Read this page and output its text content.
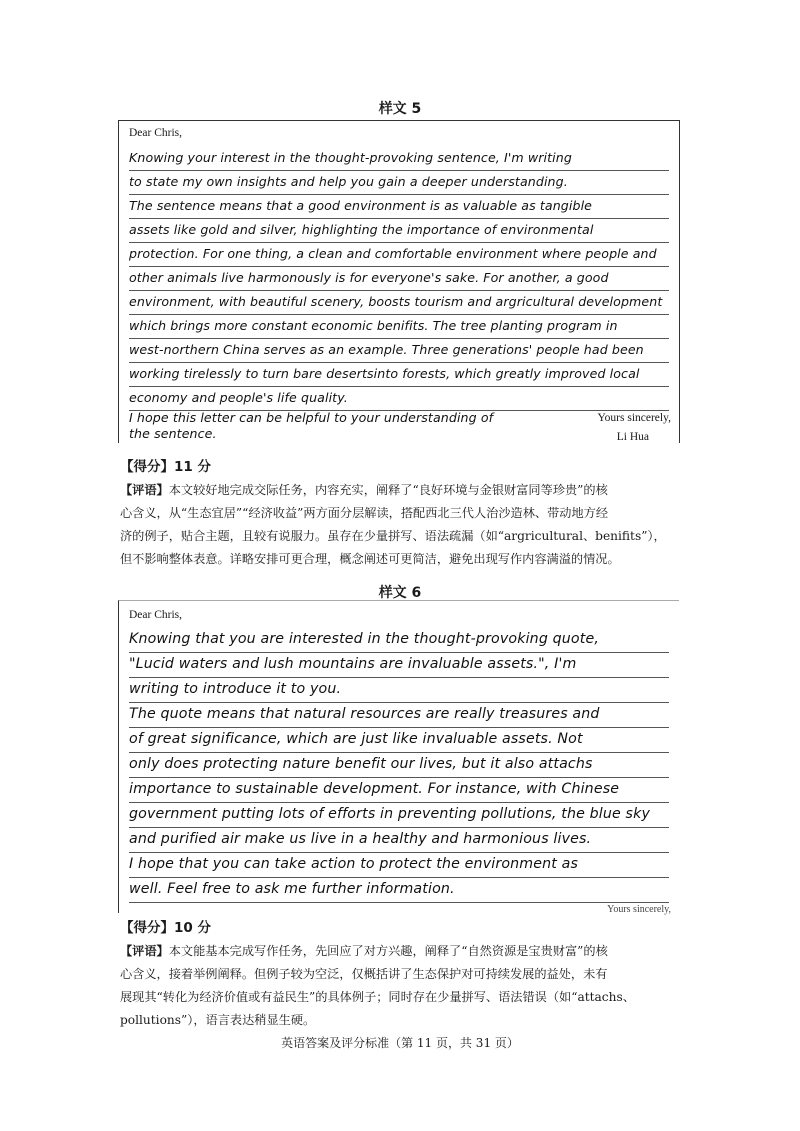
样文 5
Dear Chris,
Knowing your interest in the thought-provoking sentence, I'm writing
to state my own insights and help you gain a deeper understanding.
The sentence means that a good environment is as valuable as tangible
assets like gold and silver, highlighting the importance of environmental
protection. For one thing, a clean and comfortable environment where people and
other animals live harmonously is for everyone's sake. For another, a good
environment, with beautiful scenery, boosts tourism and argricultural development
which brings more constant economic benifits. The tree planting program in
west-northern China serves as an example. Three generations' people had been
working tirelessly to turn bare desertsinto forests, which greatly improved local
economy and people's life quality.
I hope this letter can be helpful to your understanding of
the sentence.
Yours sincerely,
Li Hua
【得分】11 分
【评语】本文较好地完成交际任务，内容充实，阐释了“良好环境与金银财富同等珍贵”的核
心含义，从“生态宜居”“经济收益”两方面分层解读，搭配西北三代人治沙造林、带动地方经
济的例子，贴合主题，且较有说服力。虽存在少量拼写、语法疏漏（如“argricultural、benifits”），
但不影响整体表意。详略安排可更合理，概念阐述可更简洁，避免出现写作内容满溢的情况。
样文 6
Dear Chris,
Knowing that you are interested in the thought-provoking quote,
"Lucid waters and lush mountains are invaluable assets.", I'm
writing to introduce it to you.
The quote means that natural resources are really treasures and
of great significance, which are just like invaluable assets. Not
only does protecting nature benefit our lives, but it also attachs
importance to sustainable development. For instance, with Chinese
government putting lots of efforts in preventing pollutions, the blue sky
and purified air make us live in a healthy and harmonious lives.
I hope that you can take action to protect the environment as
well. Feel free to ask me further information.
Yours sincerely,
【得分】10 分
【评语】本文能基本完成写作任务，先回应了对方兴趣，阐释了“自然资源是宝贵财富”的核
心含义，接着举例阐释。但例子较为空泛，仅概括讲了生态保护对可持续发展的益处，未有
展现其“转化为经济价值或有益民生”的具体例子；同时存在少量拼写、语法错误（如“attachs、
pollutions”），语言表达稍显生硬。
英语答案及评分标准（第 11 页，共 31 页）
